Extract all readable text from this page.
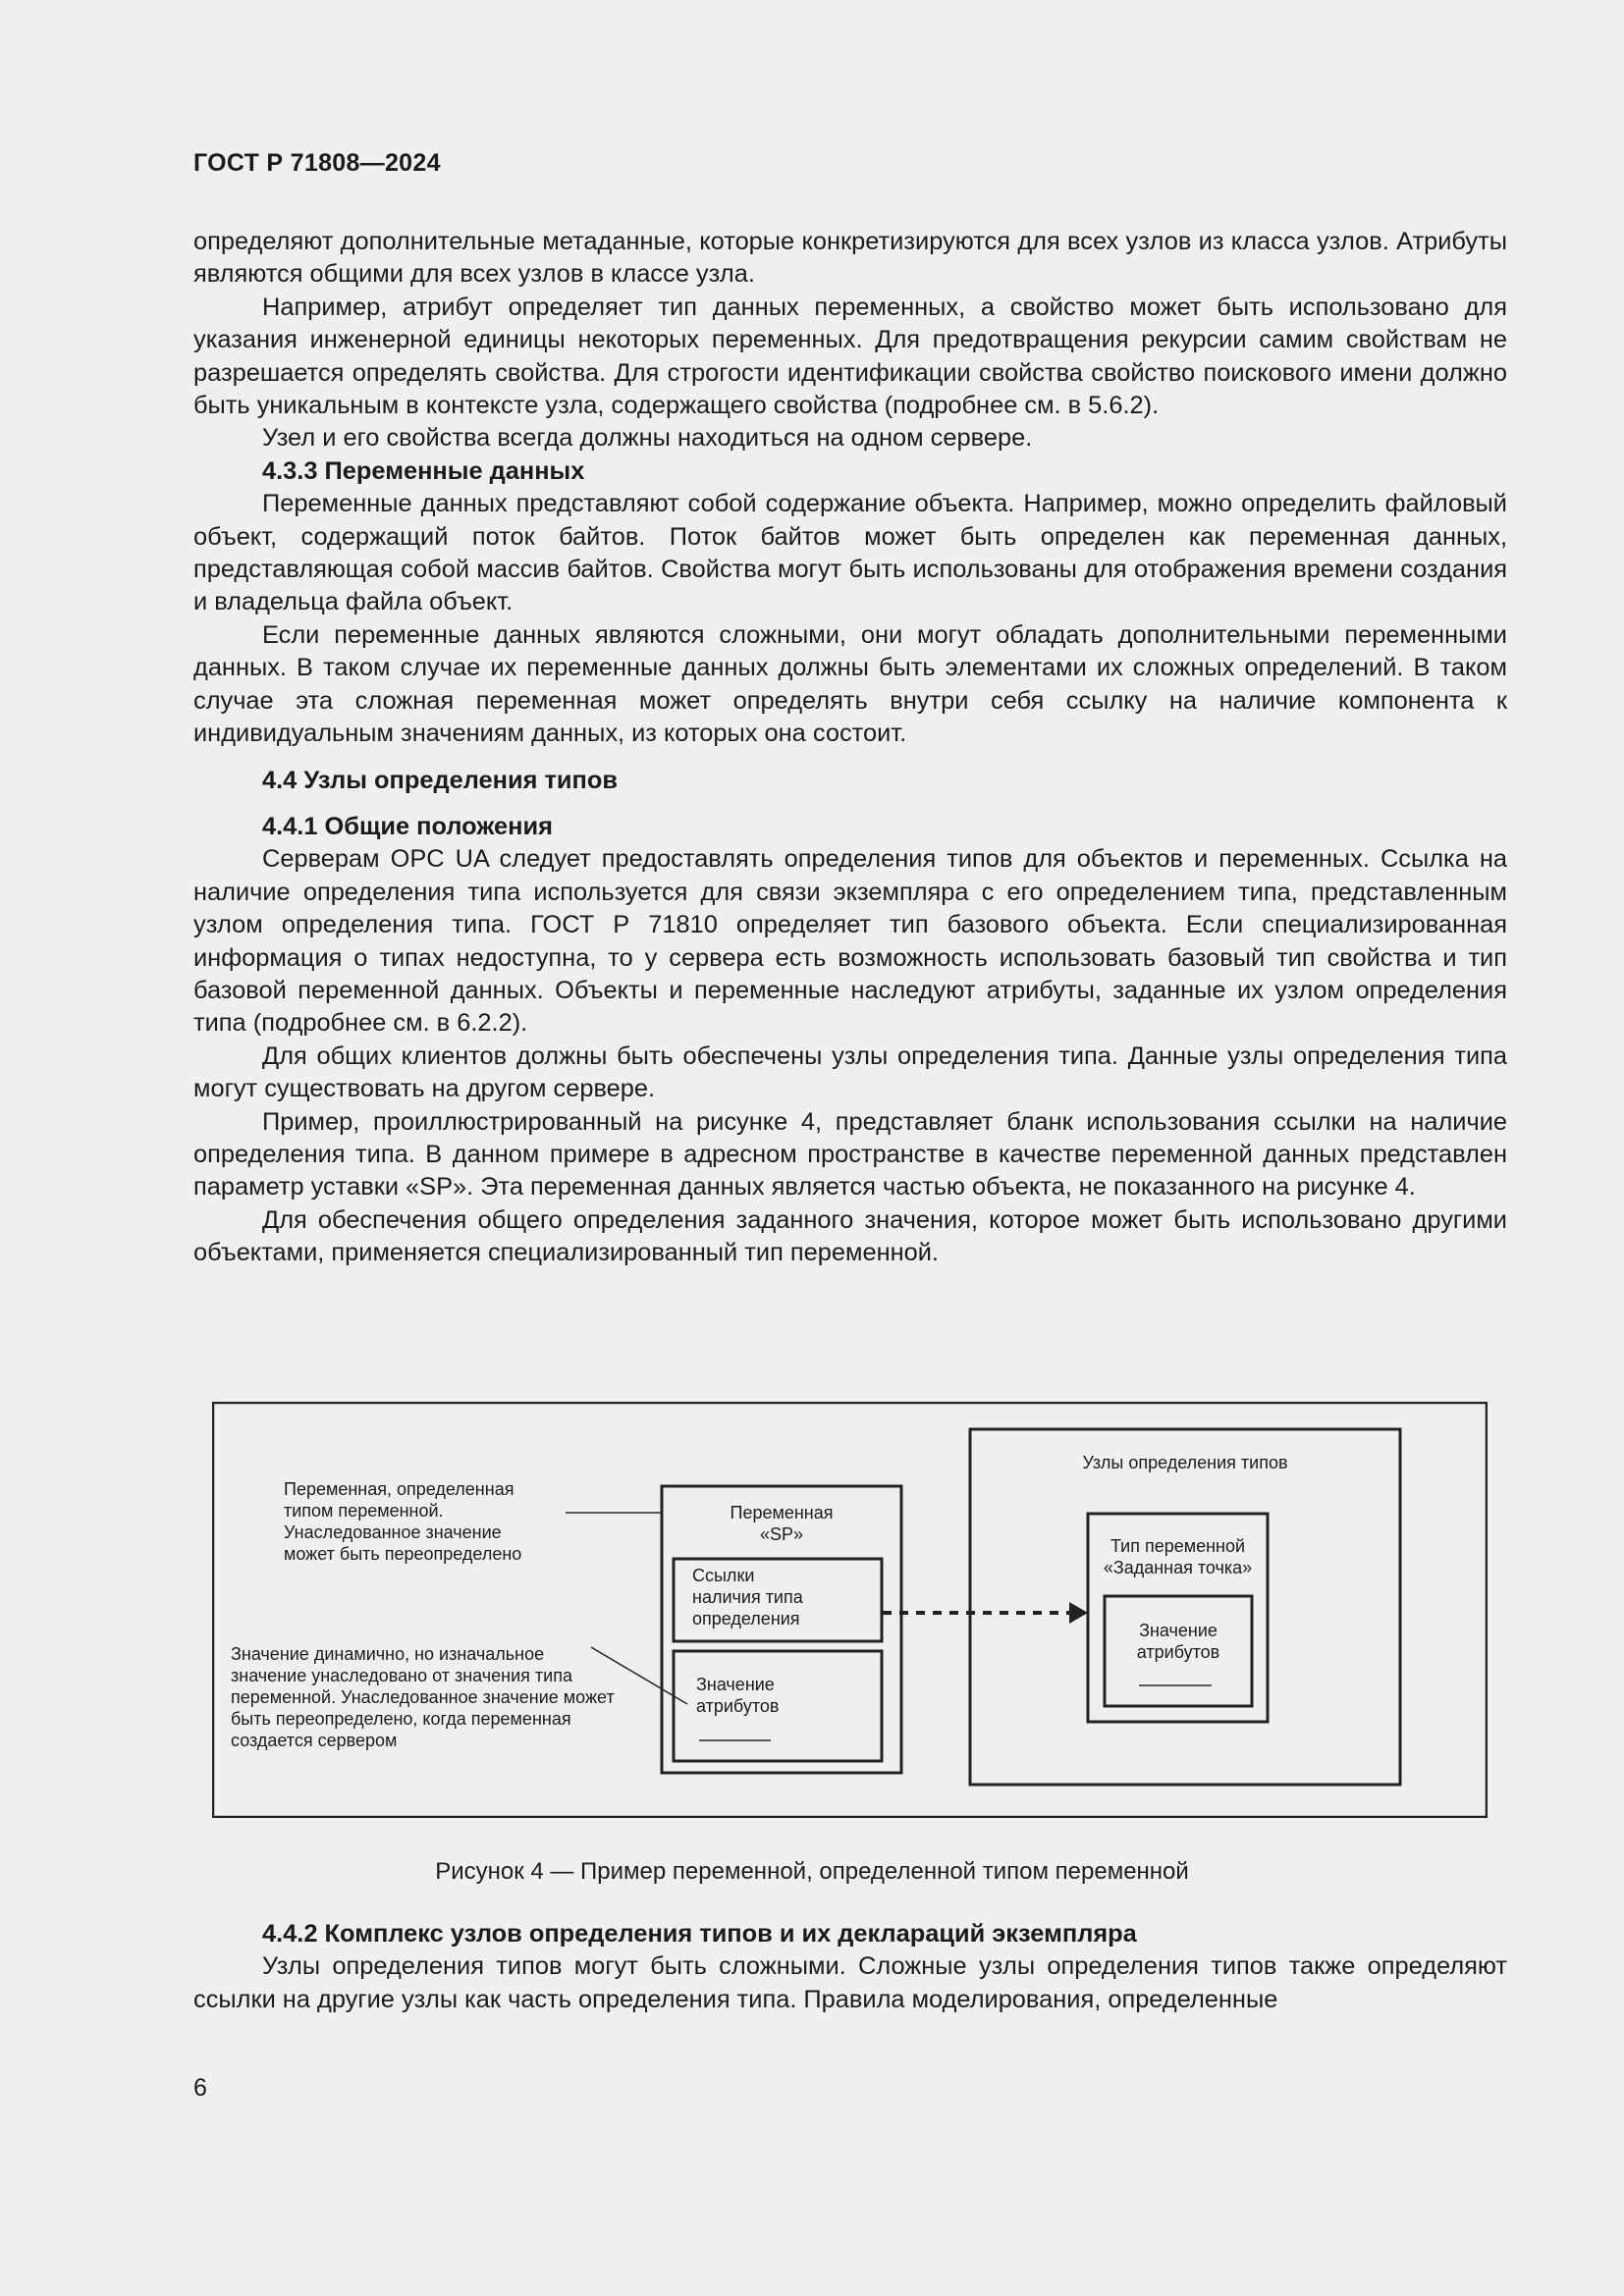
ГОСТ Р 71808—2024

определяют дополнительные метаданные, которые конкретизируются для всех узлов из класса узлов. Атрибуты являются общими для всех узлов в классе узла.

Например, атрибут определяет тип данных переменных, а свойство может быть использовано для указания инженерной единицы некоторых переменных. Для предотвращения рекурсии самим свойствам не разрешается определять свойства. Для строгости идентификации свойства свойство поискового имени должно быть уникальным в контексте узла, содержащего свойства (подробнее см. в 5.6.2).

Узел и его свойства всегда должны находиться на одном сервере.

4.3.3 Переменные данных

Переменные данных представляют собой содержание объекта. Например, можно определить файловый объект, содержащий поток байтов. Поток байтов может быть определен как переменная данных, представляющая собой массив байтов. Свойства могут быть использованы для отображения времени создания и владельца файла объект.

Если переменные данных являются сложными, они могут обладать дополнительными переменными данных. В таком случае их переменные данных должны быть элементами их сложных определений. В таком случае эта сложная переменная может определять внутри себя ссылку на наличие компонента к индивидуальным значениям данных, из которых она состоит.

4.4 Узлы определения типов

4.4.1 Общие положения

Серверам OPC UA следует предоставлять определения типов для объектов и переменных. Ссылка на наличие определения типа используется для связи экземпляра с его определением типа, представленным узлом определения типа. ГОСТ Р 71810 определяет тип базового объекта. Если специализированная информация о типах недоступна, то у сервера есть возможность использовать базовый тип свойства и тип базовой переменной данных. Объекты и переменные наследуют атрибуты, заданные их узлом определения типа (подробнее см. в 6.2.2).

Для общих клиентов должны быть обеспечены узлы определения типа. Данные узлы определения типа могут существовать на другом сервере.

Пример, проиллюстрированный на рисунке 4, представляет бланк использования ссылки на наличие определения типа. В данном примере в адресном пространстве в качестве переменной данных представлен параметр уставки «SP». Эта переменная данных является частью объекта, не показанного на рисунке 4.

Для обеспечения общего определения заданного значения, которое может быть использовано другими объектами, применяется специализированный тип переменной.

Переменная, определенная
типом переменной.
Унаследованное значение
может быть переопределено
Значение динамично, но изначальное
значение унаследовано от значения типа
переменной. Унаследованное значение может
быть переопределено, когда переменная
создается сервером
Переменная
«SP»
Ссылки
наличия типа
определения
Значение
атрибутов
Узлы определения типов
Тип переменной
«Заданная точка»
Значение
атрибутов
Рисунок 4 — Пример переменной, определенной типом переменной

4.4.2 Комплекс узлов определения типов и их деклараций экземпляра

Узлы определения типов могут быть сложными. Сложные узлы определения типов также определяют ссылки на другие узлы как часть определения типа. Правила моделирования, определенные

6
